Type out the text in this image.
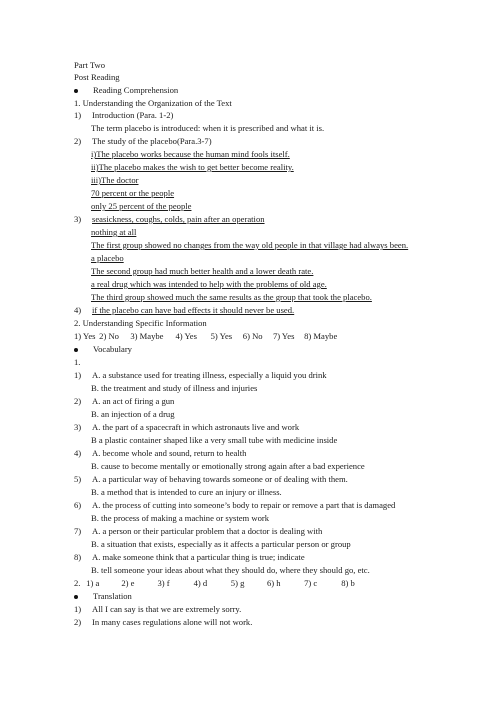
Part Two
Post Reading
Reading Comprehension
1. Understanding the Organization of the Text
1) Introduction (Para. 1-2)
The term placebo is introduced: when it is prescribed and what it is.
2) The study of the placebo(Para.3-7)
i)The placebo works because the human mind fools itself.
ii)The placebo makes the wish to get better become reality.
iii)The doctor
70 percent or the people
only 25 percent of the people
3) seasickness, coughs, colds, pain after an operation
nothing at all
The first group showed no changes from the way old people in that village had always been.
a placebo
The second group had much better health and a lower death rate.
a real drug which was intended to help with the problems of old age.
The third group showed much the same results as the group that took the placebo.
4) if the placebo can have bad effects it should never be used.
2. Understanding Specific Information
1) Yes 2) No 3) Maybe 4) Yes 5) Yes 6) No 7) Yes 8) Maybe
Vocabulary
1.
1) A. a substance used for treating illness, especially a liquid you drink
B. the treatment and study of illness and injuries
2) A. an act of firing a gun
B. an injection of a drug
3) A. the part of a spacecraft in which astronauts live and work
B a plastic container shaped like a very small tube with medicine inside
4) A. become whole and sound, return to health
B. cause to become mentally or emotionally strong again after a bad experience
5) A. a particular way of behaving towards someone or of dealing with them.
B. a method that is intended to cure an injury or illness.
6) A. the process of cutting into someone’s body to repair or remove a part that is damaged
B. the process of making a machine or system work
7) A. a person or their particular problem that a doctor is dealing with
B. a situation that exists, especially as it affects a particular person or group
8) A. make someone think that a particular thing is true; indicate
B. tell someone your ideas about what they should do, where they should go, etc.
2. 1) a	2) e	3) f	4) d	5) g	6) h	7) c	8) b
Translation
1) All I can say is that we are extremely sorry.
2) In many cases regulations alone will not work.
